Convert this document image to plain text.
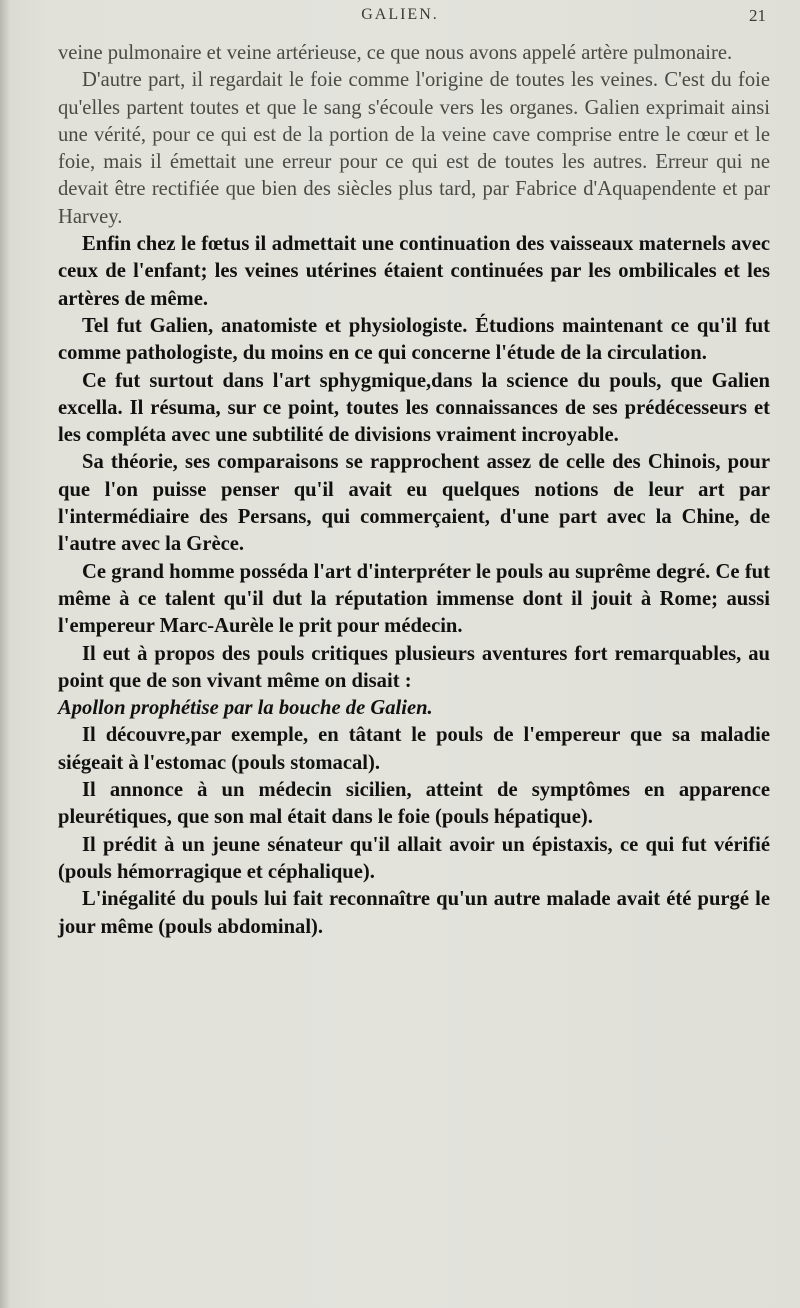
GALIEN.	21

veine pulmonaire et veine artérieuse, ce que nous avons appelé artère pulmonaire.

D'autre part, il regardait le foie comme l'origine de toutes les veines. C'est du foie qu'elles partent toutes et que le sang s'écoule vers les organes. Galien exprimait ainsi une vérité, pour ce qui est de la portion de la veine cave comprise entre le cœur et le foie, mais il émettait une erreur pour ce qui est de toutes les autres. Erreur qui ne devait être rectifiée que bien des siècles plus tard, par Fabrice d'Aquapendente et par Harvey.

Enfin chez le fœtus il admettait une continuation des vaisseaux maternels avec ceux de l'enfant; les veines utérines étaient continuées par les ombilicales et les artères de même.

Tel fut Galien, anatomiste et physiologiste. Étudions maintenant ce qu'il fut comme pathologiste, du moins en ce qui concerne l'étude de la circulation.

Ce fut surtout dans l'art sphygmique,dans la science du pouls, que Galien excella. Il résuma, sur ce point, toutes les connaissances de ses prédécesseurs et les compléta avec une subtilité de divisions vraiment incroyable.

Sa théorie, ses comparaisons se rapprochent assez de celle des Chinois, pour que l'on puisse penser qu'il avait eu quelques notions de leur art par l'intermédiaire des Persans, qui commerçaient, d'une part avec la Chine, de l'autre avec la Grèce.

Ce grand homme posséda l'art d'interpréter le pouls au suprême degré. Ce fut même à ce talent qu'il dut la réputation immense dont il jouit à Rome; aussi l'empereur Marc-Aurèle le prit pour médecin.

Il eut à propos des pouls critiques plusieurs aventures fort remarquables, au point que de son vivant même on disait :

Apollon prophétise par la bouche de Galien.

Il découvre,par exemple, en tâtant le pouls de l'empereur que sa maladie siégeait à l'estomac (pouls stomacal).

Il annonce à un médecin sicilien, atteint de symptômes en apparence pleurétiques, que son mal était dans le foie (pouls hépatique).

Il prédit à un jeune sénateur qu'il allait avoir un épistaxis, ce qui fut vérifié (pouls hémorragique et céphalique).

L'inégalité du pouls lui fait reconnaître qu'un autre malade avait été purgé le jour même (pouls abdominal).
